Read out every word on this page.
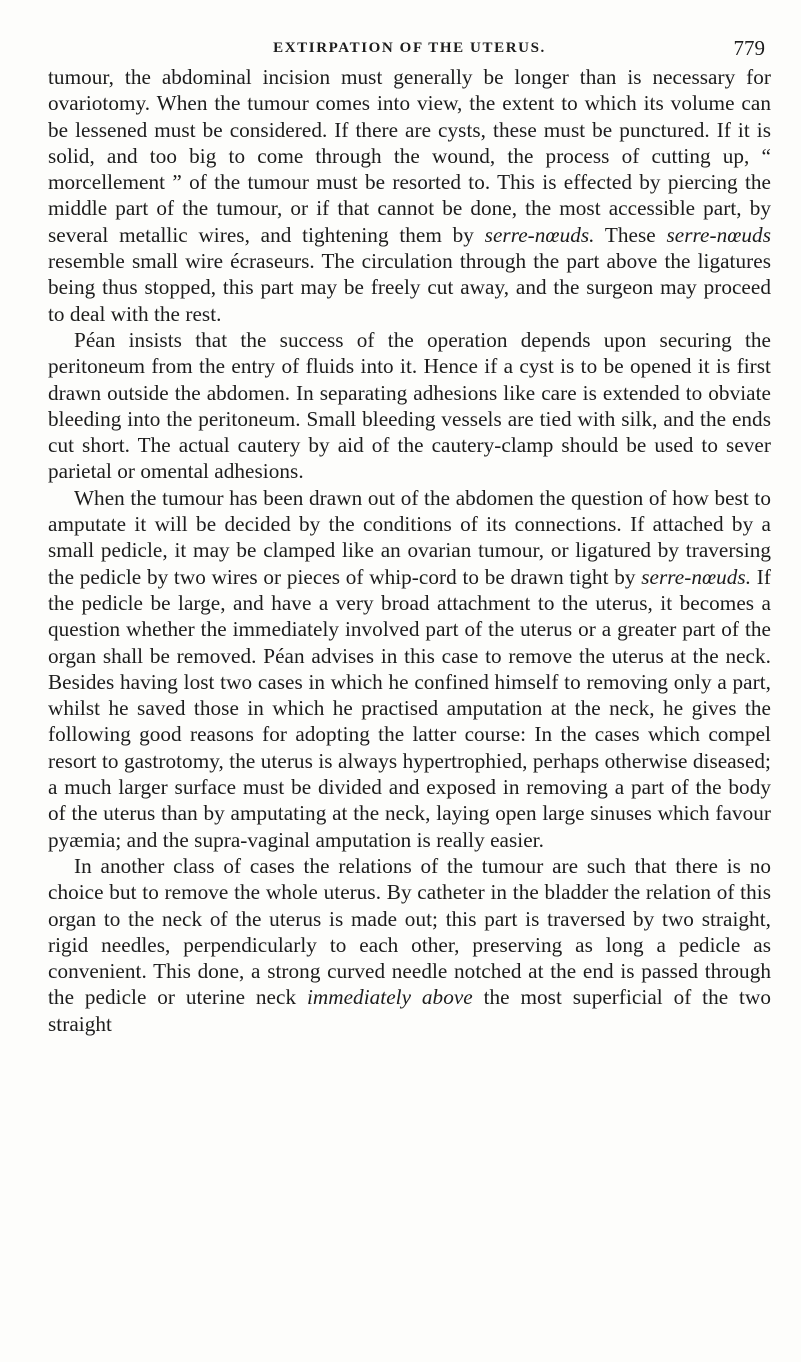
EXTIRPATION OF THE UTERUS.	779

tumour, the abdominal incision must generally be longer than is necessary for ovariotomy. When the tumour comes into view, the extent to which its volume can be lessened must be considered. If there are cysts, these must be punctured. If it is solid, and too big to come through the wound, the process of cutting up, “ morcellement ” of the tumour must be resorted to. This is effected by piercing the middle part of the tumour, or if that cannot be done, the most accessible part, by several metallic wires, and tightening them by serre-nœuds. These serre-nœuds resemble small wire écraseurs. The circulation through the part above the ligatures being thus stopped, this part may be freely cut away, and the surgeon may proceed to deal with the rest.

Péan insists that the success of the operation depends upon securing the peritoneum from the entry of fluids into it. Hence if a cyst is to be opened it is first drawn outside the abdomen. In separating adhesions like care is extended to obviate bleeding into the peritoneum. Small bleeding vessels are tied with silk, and the ends cut short. The actual cautery by aid of the cautery-clamp should be used to sever parietal or omental adhesions.

When the tumour has been drawn out of the abdomen the question of how best to amputate it will be decided by the conditions of its connections. If attached by a small pedicle, it may be clamped like an ovarian tumour, or ligatured by traversing the pedicle by two wires or pieces of whip-cord to be drawn tight by serre-nœuds. If the pedicle be large, and have a very broad attachment to the uterus, it becomes a question whether the immediately involved part of the uterus or a greater part of the organ shall be removed. Péan advises in this case to remove the uterus at the neck. Besides having lost two cases in which he confined himself to removing only a part, whilst he saved those in which he practised amputation at the neck, he gives the following good reasons for adopting the latter course: In the cases which compel resort to gastrotomy, the uterus is always hypertrophied, perhaps otherwise diseased; a much larger surface must be divided and exposed in removing a part of the body of the uterus than by amputating at the neck, laying open large sinuses which favour pyæmia; and the supra-vaginal amputation is really easier.

In another class of cases the relations of the tumour are such that there is no choice but to remove the whole uterus. By catheter in the bladder the relation of this organ to the neck of the uterus is made out; this part is traversed by two straight, rigid needles, perpendicularly to each other, preserving as long a pedicle as convenient. This done, a strong curved needle notched at the end is passed through the pedicle or uterine neck immediately above the most superficial of the two straight
